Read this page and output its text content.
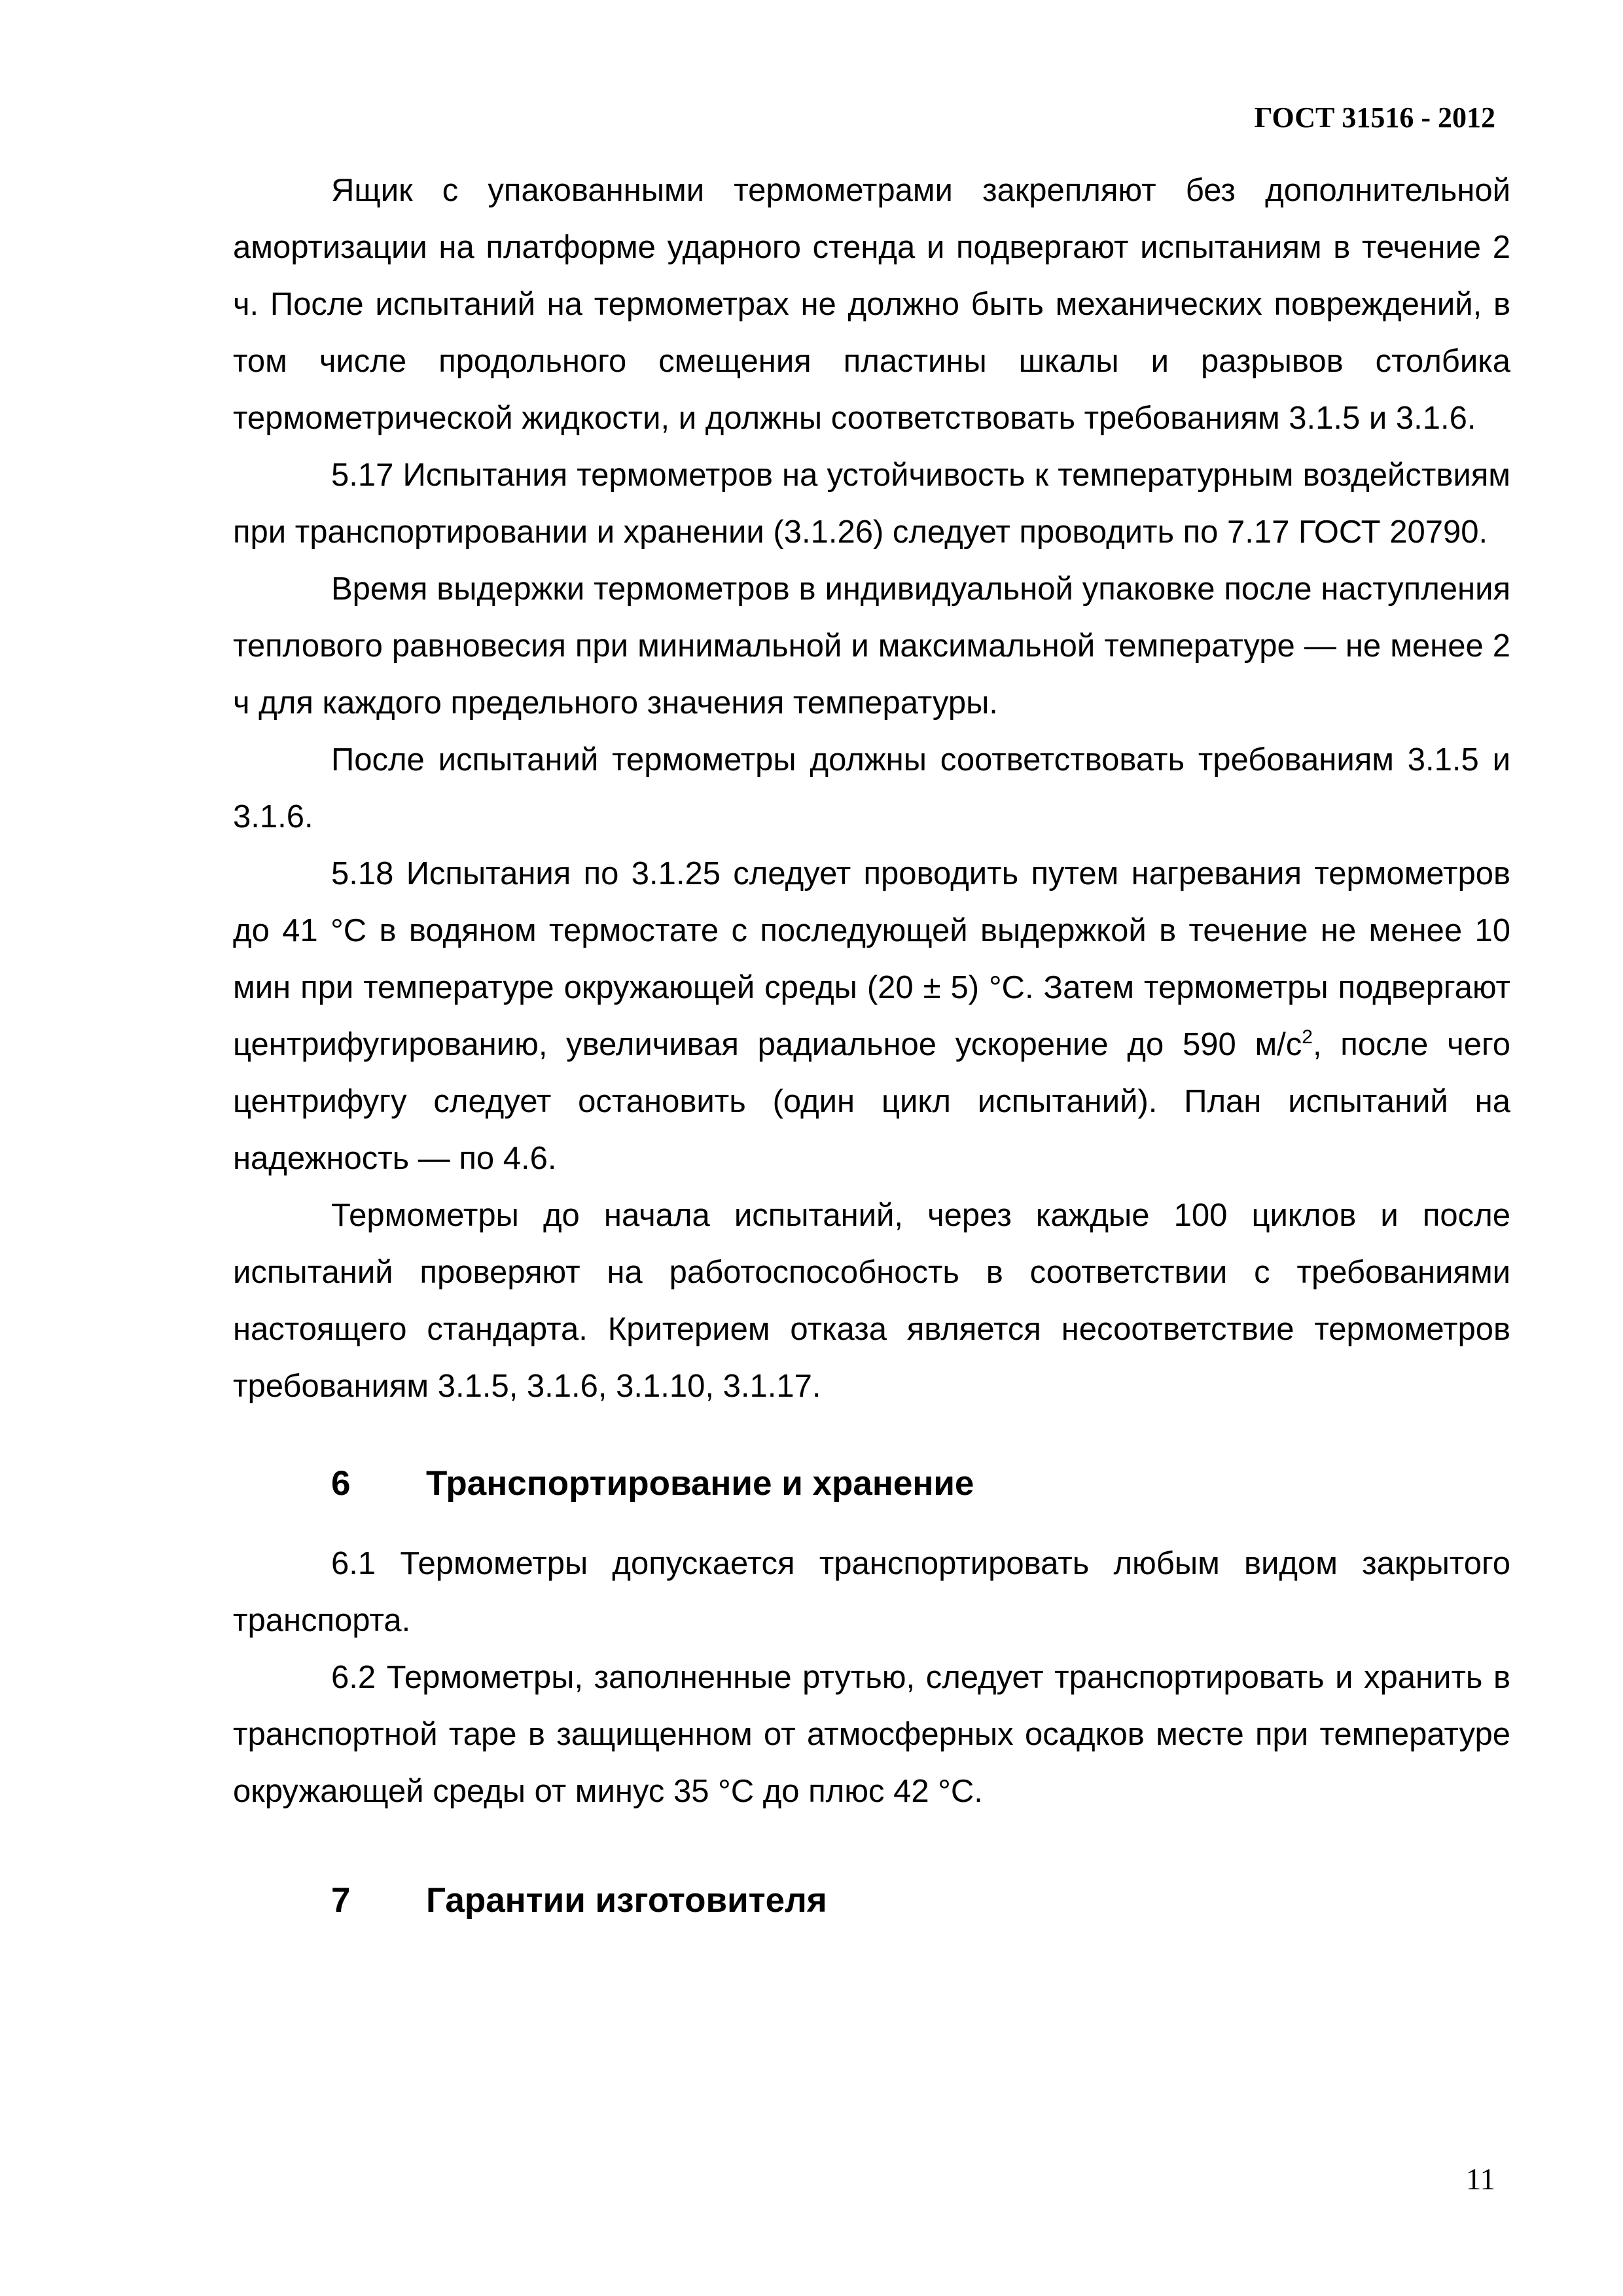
ГОСТ 31516 - 2012

Ящик с упакованными термометрами закрепляют без дополнительной амортизации на платформе ударного стенда и подвергают испытаниям в течение 2 ч. После испытаний на термометрах не должно быть механических повреждений, в том числе продольного смещения пластины шкалы и разрывов столбика термометрической жидкости, и должны соответствовать требованиям 3.1.5 и 3.1.6.

5.17 Испытания термометров на устойчивость к температурным воздействиям при транспортировании и хранении (3.1.26) следует проводить по 7.17 ГОСТ 20790.

Время выдержки термометров в индивидуальной упаковке после наступления теплового равновесия при минимальной и максимальной температуре — не менее 2 ч для каждого предельного значения температуры.

После испытаний термометры должны соответствовать требованиям 3.1.5 и 3.1.6.

5.18 Испытания по 3.1.25 следует проводить путем нагревания термометров до 41 °С в водяном термостате с последующей выдержкой в течение не менее 10 мин при температуре окружающей среды (20 ± 5) °С. Затем термометры подвергают центрифугированию, увеличивая радиальное ускорение до 590 $м/с^2$, после чего центрифугу следует остановить (один цикл испытаний). План испытаний на надежность — по 4.6.

Термометры до начала испытаний, через каждые 100 циклов и после испытаний проверяют на работоспособность в соответствии с требованиями настоящего стандарта. Критерием отказа является несоответствие термометров требованиям 3.1.5, 3.1.6, 3.1.10, 3.1.17.

6	Транспортирование и хранение

6.1 Термометры допускается транспортировать любым видом закрытого транспорта.

6.2 Термометры, заполненные ртутью, следует транспортировать и хранить в транспортной таре в защищенном от атмосферных осадков месте при температуре окружающей среды от минус 35 °С до плюс 42 °С.

7	Гарантии изготовителя
11
